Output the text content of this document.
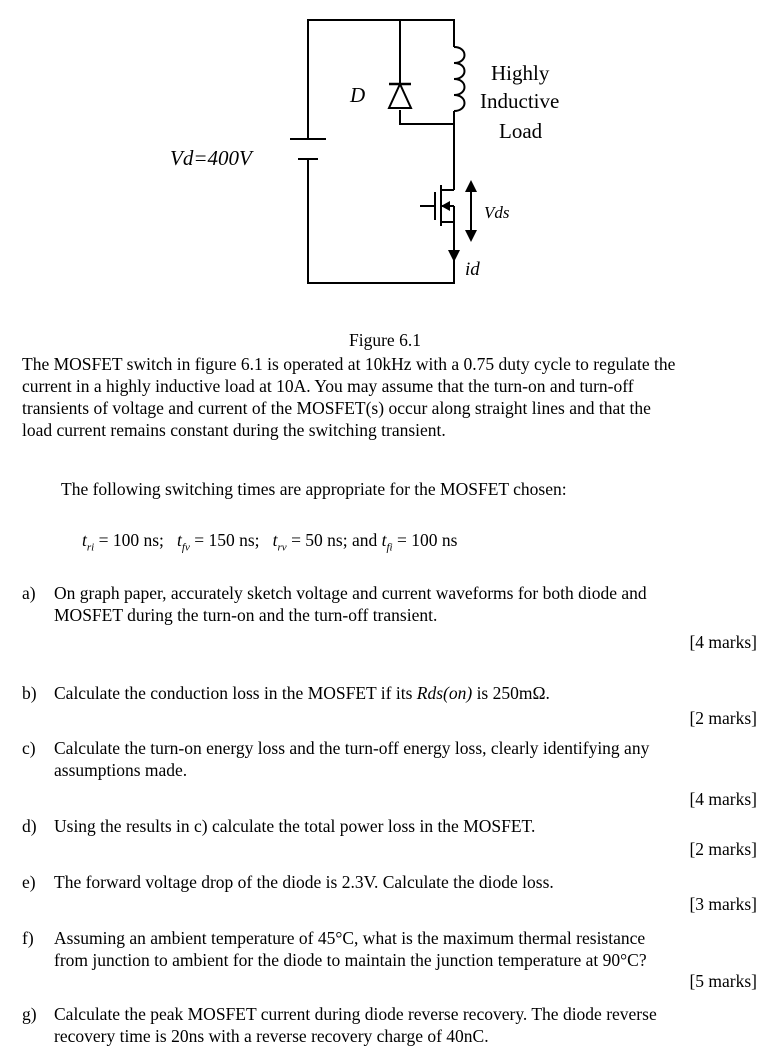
D
Highly
Inductive
Load
Vd=400V
Vds
id
Figure 6.1
The MOSFET switch in figure 6.1 is operated at 10kHz with a 0.75 duty cycle to regulate the
current in a highly inductive load at 10A. You may assume that the turn-on and turn-off
transients of voltage and current of the MOSFET(s) occur along straight lines and that the
load current remains constant during the switching transient.
The following switching times are appropriate for the MOSFET chosen:
$t_{ri} = 100$ ns; $t_{fv} = 150$ ns; $t_{rv} = 50$ ns; and $t_{fi} = 100$ ns
a) On graph paper, accurately sketch voltage and current waveforms for both diode and
MOSFET during the turn-on and the turn-off transient.
[4 marks]
b) Calculate the conduction loss in the MOSFET if its Rds(on) is 250mΩ.
[2 marks]
c) Calculate the turn-on energy loss and the turn-off energy loss, clearly identifying any
assumptions made.
[4 marks]
d) Using the results in c) calculate the total power loss in the MOSFET.
[2 marks]
e) The forward voltage drop of the diode is 2.3V. Calculate the diode loss.
[3 marks]
f) Assuming an ambient temperature of 45°C, what is the maximum thermal resistance
from junction to ambient for the diode to maintain the junction temperature at 90°C?
[5 marks]
g) Calculate the peak MOSFET current during diode reverse recovery. The diode reverse
recovery time is 20ns with a reverse recovery charge of 40nC.
